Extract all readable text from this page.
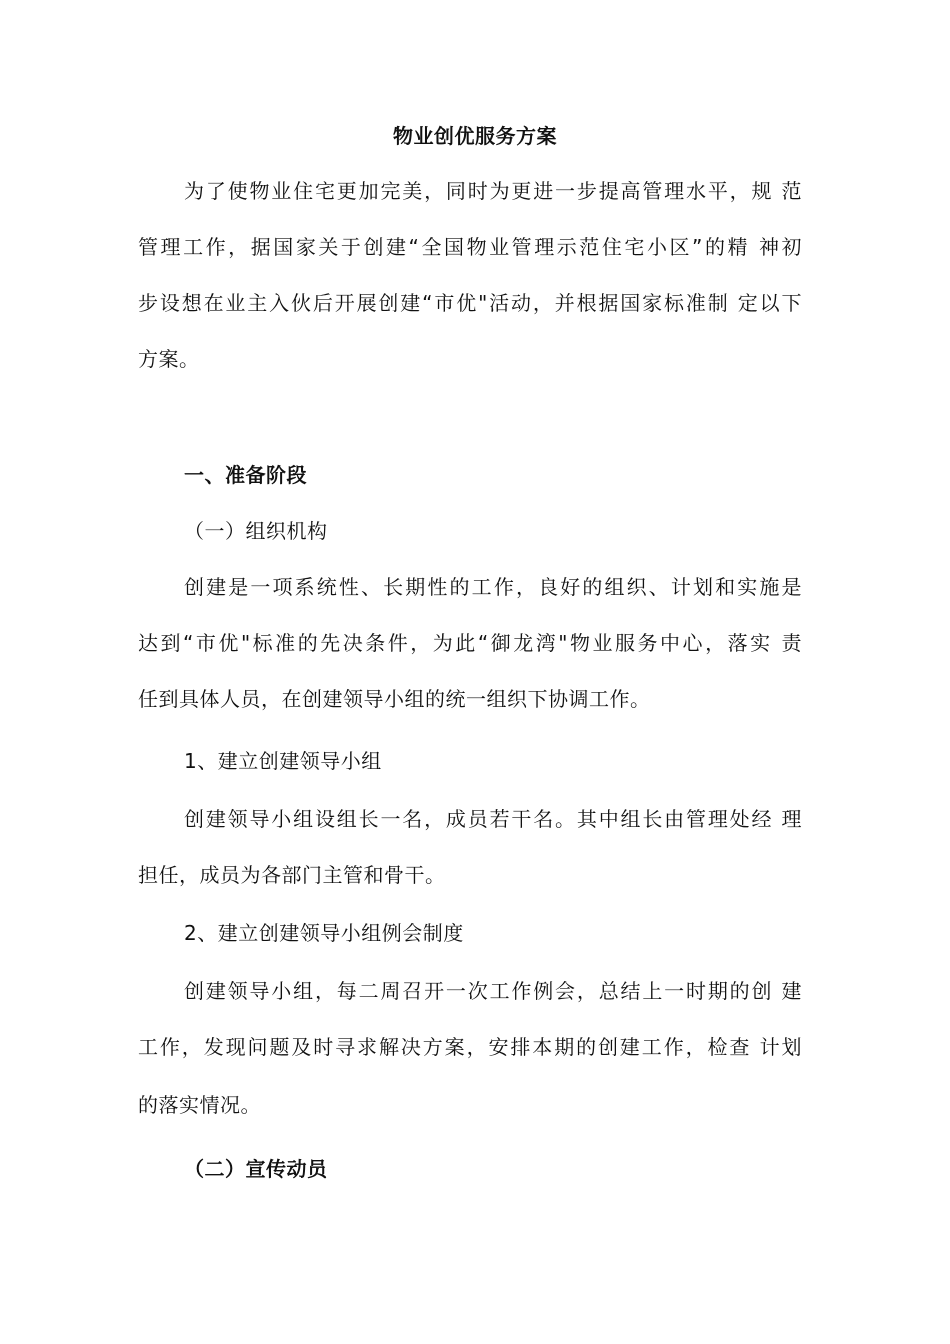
物业创优服务方案
为了使物业住宅更加完美，同时为更进一步提高管理水平，规 范
管理工作，据国家关于创建“全国物业管理示范住宅小区”的精 神初
步设想在业主入伙后开展创建“市优"活动，并根据国家标准制 定以下
方案。
一、准备阶段
（一）组织机构
创建是一项系统性、长期性的工作，良好的组织、计划和实施是
达到“市优"标准的先决条件，为此“御龙湾"物业服务中心，落实 责
任到具体人员，在创建领导小组的统一组织下协调工作。
1、建立创建领导小组
创建领导小组设组长一名，成员若干名。其中组长由管理处经 理
担任，成员为各部门主管和骨干。
2、建立创建领导小组例会制度
创建领导小组，每二周召开一次工作例会，总结上一时期的创 建
工作，发现问题及时寻求解决方案，安排本期的创建工作，检查 计划
的落实情况。
（二）宣传动员
